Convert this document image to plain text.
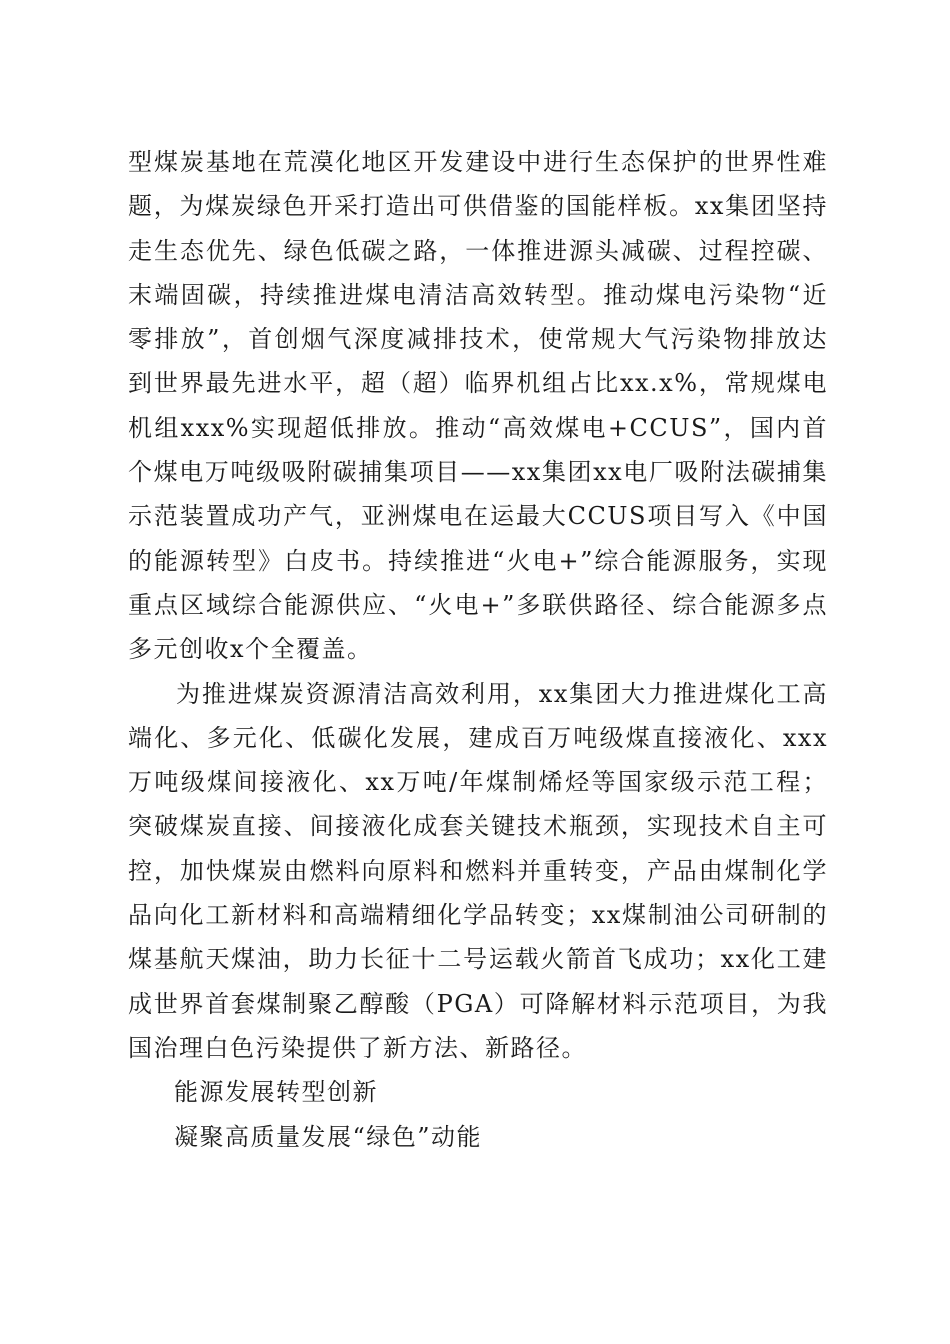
型煤炭基地在荒漠化地区开发建设中进行生态保护的世界性难题，为煤炭绿色开采打造出可供借鉴的国能样板。xx集团坚持走生态优先、绿色低碳之路，一体推进源头减碳、过程控碳、末端固碳，持续推进煤电清洁高效转型。推动煤电污染物“近零排放”，首创烟气深度减排技术，使常规大气污染物排放达到世界最先进水平，超（超）临界机组占比xx.x%，常规煤电机组xxx%实现超低排放。推动“高效煤电+CCUS”，国内首个煤电万吨级吸附碳捕集项目——xx集团xx电厂吸附法碳捕集示范装置成功产气，亚洲煤电在运最大CCUS项目写入《中国的能源转型》白皮书。持续推进“火电+”综合能源服务，实现重点区域综合能源供应、“火电+”多联供路径、综合能源多点多元创收x个全覆盖。

为推进煤炭资源清洁高效利用，xx集团大力推进煤化工高端化、多元化、低碳化发展，建成百万吨级煤直接液化、xxx万吨级煤间接液化、xx万吨/年煤制烯烃等国家级示范工程；突破煤炭直接、间接液化成套关键技术瓶颈，实现技术自主可控，加快煤炭由燃料向原料和燃料并重转变，产品由煤制化学品向化工新材料和高端精细化学品转变；xx煤制油公司研制的煤基航天煤油，助力长征十二号运载火箭首飞成功；xx化工建成世界首套煤制聚乙醇酸（PGA）可降解材料示范项目，为我国治理白色污染提供了新方法、新路径。

能源发展转型创新

凝聚高质量发展“绿色”动能
